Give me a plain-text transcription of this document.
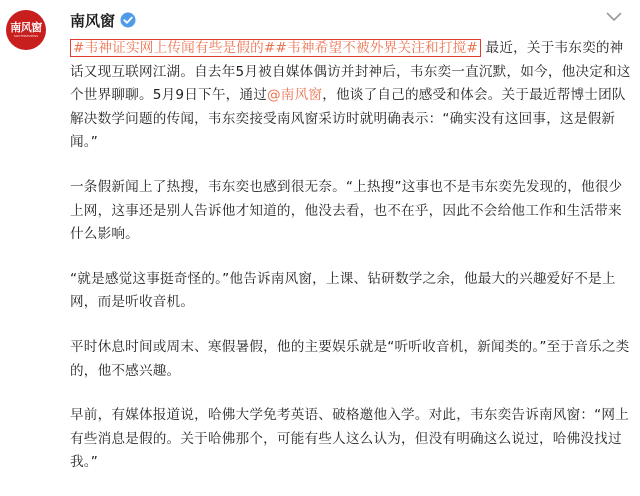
南风窗
SOUTHREVIEWS
南风窗

#韦神证实网上传闻有些是假的##韦神希望不被外界关注和打搅# 最近，关于韦东奕的神话又现互联网江湖。自去年5月被自媒体偶访并封神后，韦东奕一直沉默，如今，他决定和这个世界聊聊。5月9日下午，通过@南风窗，他谈了自己的感受和体会。关于最近帮博士团队解决数学问题的传闻，韦东奕接受南风窗采访时就明确表示：“确实没有这回事，这是假新闻。”

一条假新闻上了热搜，韦东奕也感到很无奈。“上热搜”这事也不是韦东奕先发现的，他很少上网，这事还是别人告诉他才知道的，他没去看，也不在乎，因此不会给他工作和生活带来什么影响。

“就是感觉这事挺奇怪的。”他告诉南风窗，上课、钻研数学之余，他最大的兴趣爱好不是上网，而是听收音机。

平时休息时间或周末、寒假暑假，他的主要娱乐就是“听听收音机，新闻类的。”至于音乐之类的，他不感兴趣。

早前，有媒体报道说，哈佛大学免考英语、破格邀他入学。对此，韦东奕告诉南风窗：“网上有些消息是假的。关于哈佛那个，可能有些人这么认为，但没有明确这么说过，哈佛没找过我。”
